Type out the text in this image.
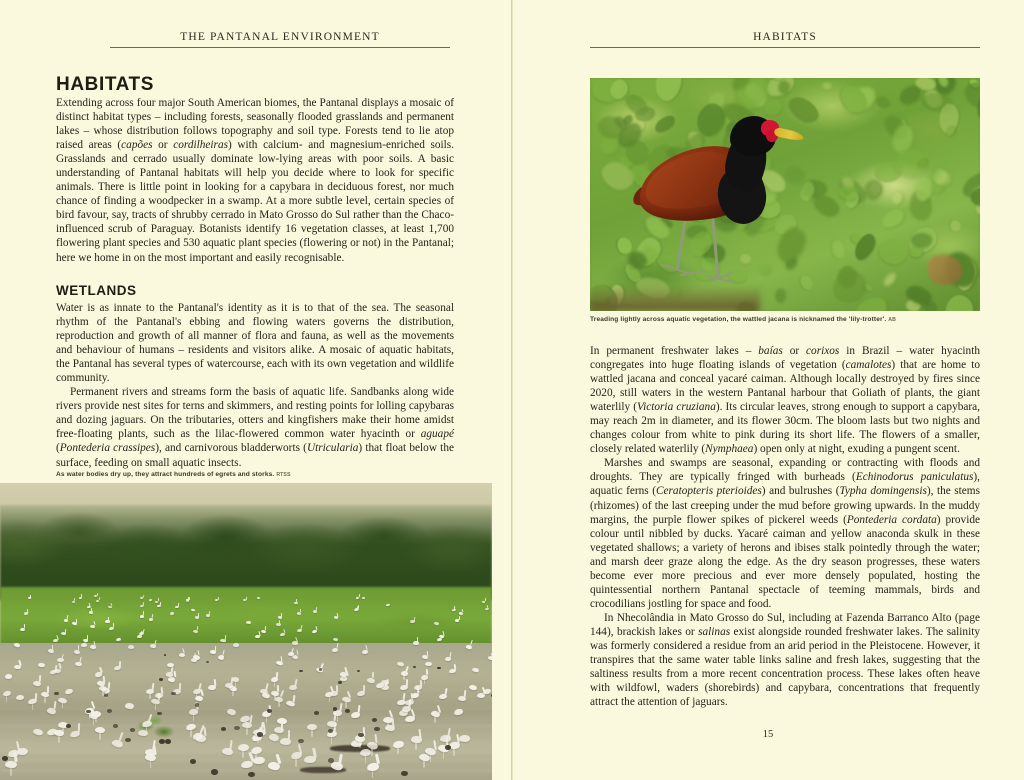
THE PANTANAL ENVIRONMENT
HABITATS

Extending across four major South American biomes, the Pantanal displays a mosaic of distinct habitat types – including forests, seasonally flooded grasslands and permanent lakes – whose distribution follows topography and soil type. Forests tend to lie atop raised areas (capões or cordilheiras) with calcium- and magnesium-enriched soils. Grasslands and cerrado usually dominate low-lying areas with poor soils. A basic understanding of Pantanal habitats will help you decide where to look for specific animals. There is little point in looking for a capybara in deciduous forest, nor much chance of finding a woodpecker in a swamp. At a more subtle level, certain species of bird favour, say, tracts of shrubby cerrado in Mato Grosso do Sul rather than the Chaco-influenced scrub of Paraguay. Botanists identify 16 vegetation classes, at least 1,700 flowering plant species and 530 aquatic plant species (flowering or not) in the Pantanal; here we home in on the most important and easily recognisable.

WETLANDS

Water is as innate to the Pantanal's identity as it is to that of the sea. The seasonal rhythm of the Pantanal's ebbing and flowing waters governs the distribution, reproduction and growth of all manner of flora and fauna, as well as the movements and behaviour of humans – residents and visitors alike. A mosaic of aquatic habitats, the Pantanal has several types of watercourse, each with its own vegetation and wildlife community.

Permanent rivers and streams form the basis of aquatic life. Sandbanks along wide rivers provide nest sites for terns and skimmers, and resting points for lolling capybaras and dozing jaguars. On the tributaries, otters and kingfishers make their home amidst free-floating plants, such as the lilac-flowered common water hyacinth or aguapé (Pontederia crassipes), and carnivorous bladderworts (Utricularia) that float below the surface, feeding on small aquatic insects.

As water bodies dry up, they attract hundreds of egrets and storks. RTSS
HABITATS
Treading lightly across aquatic vegetation, the wattled jacana is nicknamed the 'lily-trotter'. AB

In permanent freshwater lakes – baías or corixos in Brazil – water hyacinth congregates into huge floating islands of vegetation (camalotes) that are home to wattled jacana and conceal yacaré caiman. Although locally destroyed by fires since 2020, still waters in the western Pantanal harbour that Goliath of plants, the giant waterlily (Victoria cruziana). Its circular leaves, strong enough to support a capybara, may reach 2m in diameter, and its flower 30cm. The bloom lasts but two nights and changes colour from white to pink during its short life. The flowers of a smaller, closely related waterlily (Nymphaea) open only at night, exuding a pungent scent.

Marshes and swamps are seasonal, expanding or contracting with floods and droughts. They are typically fringed with burheads (Echinodorus paniculatus), aquatic ferns (Ceratopteris pterioides) and bulrushes (Typha domingensis), the stems (rhizomes) of the last creeping under the mud before growing upwards. In the muddy margins, the purple flower spikes of pickerel weeds (Pontederia cordata) provide colour until nibbled by ducks. Yacaré caiman and yellow anaconda skulk in these vegetated shallows; a variety of herons and ibises stalk pointedly through the water; and marsh deer graze along the edge. As the dry season progresses, these waters become ever more precious and ever more densely populated, hosting the quintessential northern Pantanal spectacle of teeming mammals, birds and crocodilians jostling for space and food.

In Nhecolândia in Mato Grosso do Sul, including at Fazenda Barranco Alto (page 144), brackish lakes or salinas exist alongside rounded freshwater lakes. The salinity was formerly considered a residue from an arid period in the Pleistocene. However, it transpires that the same water table links saline and fresh lakes, suggesting that the saltiness results from a more recent concentration process. These lakes often heave with wildfowl, waders (shorebirds) and capybara, concentrations that frequently attract the attention of jaguars.

15
